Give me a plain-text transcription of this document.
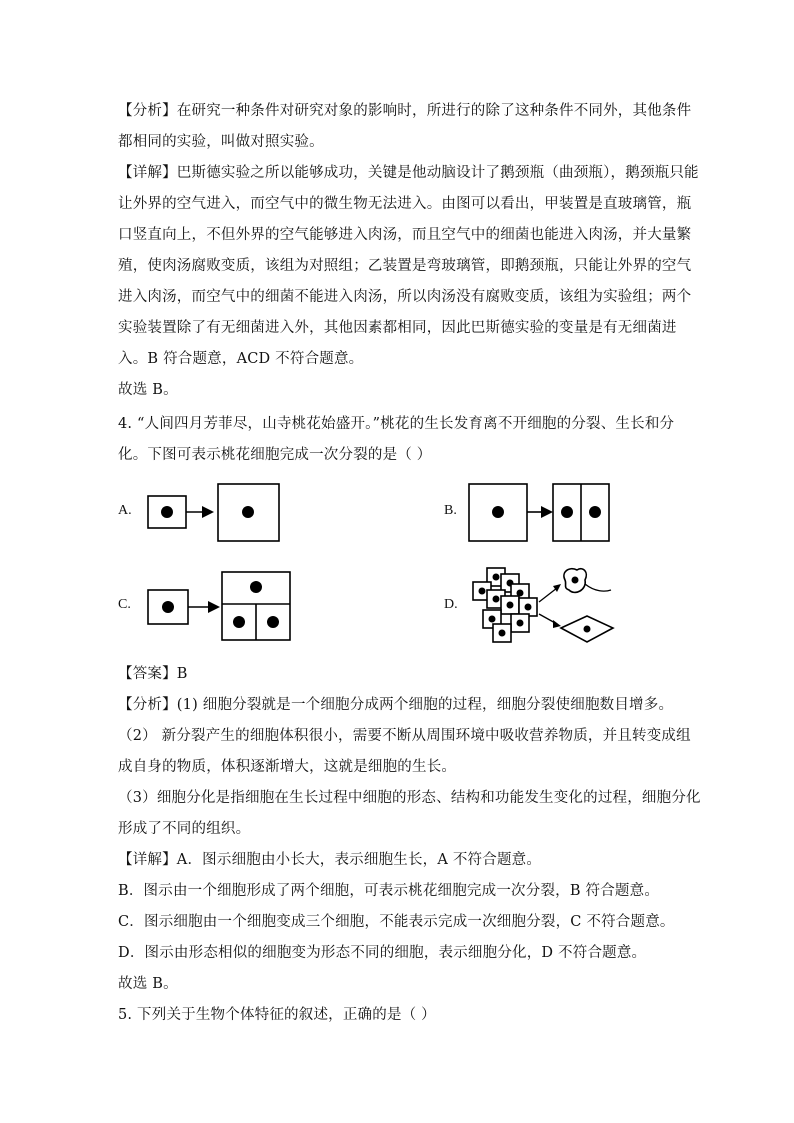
【分析】在研究一种条件对研究对象的影响时，所进行的除了这种条件不同外，其他条件
都相同的实验，叫做对照实验。
【详解】巴斯德实验之所以能够成功，关键是他动脑设计了鹅颈瓶（曲颈瓶），鹅颈瓶只能
让外界的空气进入，而空气中的微生物无法进入。由图可以看出，甲装置是直玻璃管，瓶
口竖直向上，不但外界的空气能够进入肉汤，而且空气中的细菌也能进入肉汤，并大量繁
殖，使肉汤腐败变质，该组为对照组；乙装置是弯玻璃管，即鹅颈瓶，只能让外界的空气
进入肉汤，而空气中的细菌不能进入肉汤，所以肉汤没有腐败变质，该组为实验组；两个
实验装置除了有无细菌进入外，其他因素都相同，因此巴斯德实验的变量是有无细菌进
入。B 符合题意，ACD 不符合题意。
故选 B。
4. “人间四月芳菲尽，山寺桃花始盛开。”桃花的生长发育离不开细胞的分裂、生长和分
化。下图可表示桃花细胞完成一次分裂的是（ ）
A.	B.
C.	D.
【答案】B
【分析】(1) 细胞分裂就是一个细胞分成两个细胞的过程，细胞分裂使细胞数目增多。
（2） 新分裂产生的细胞体积很小，需要不断从周围环境中吸收营养物质，并且转变成组
成自身的物质，体积逐渐增大，这就是细胞的生长。
（3）细胞分化是指细胞在生长过程中细胞的形态、结构和功能发生变化的过程，细胞分化
形成了不同的组织。
【详解】A．图示细胞由小长大，表示细胞生长，A 不符合题意。
B．图示由一个细胞形成了两个细胞，可表示桃花细胞完成一次分裂，B 符合题意。
C．图示细胞由一个细胞变成三个细胞，不能表示完成一次细胞分裂，C 不符合题意。
D．图示由形态相似的细胞变为形态不同的细胞，表示细胞分化，D 不符合题意。
故选 B。
5. 下列关于生物个体特征的叙述，正确的是（ ）
